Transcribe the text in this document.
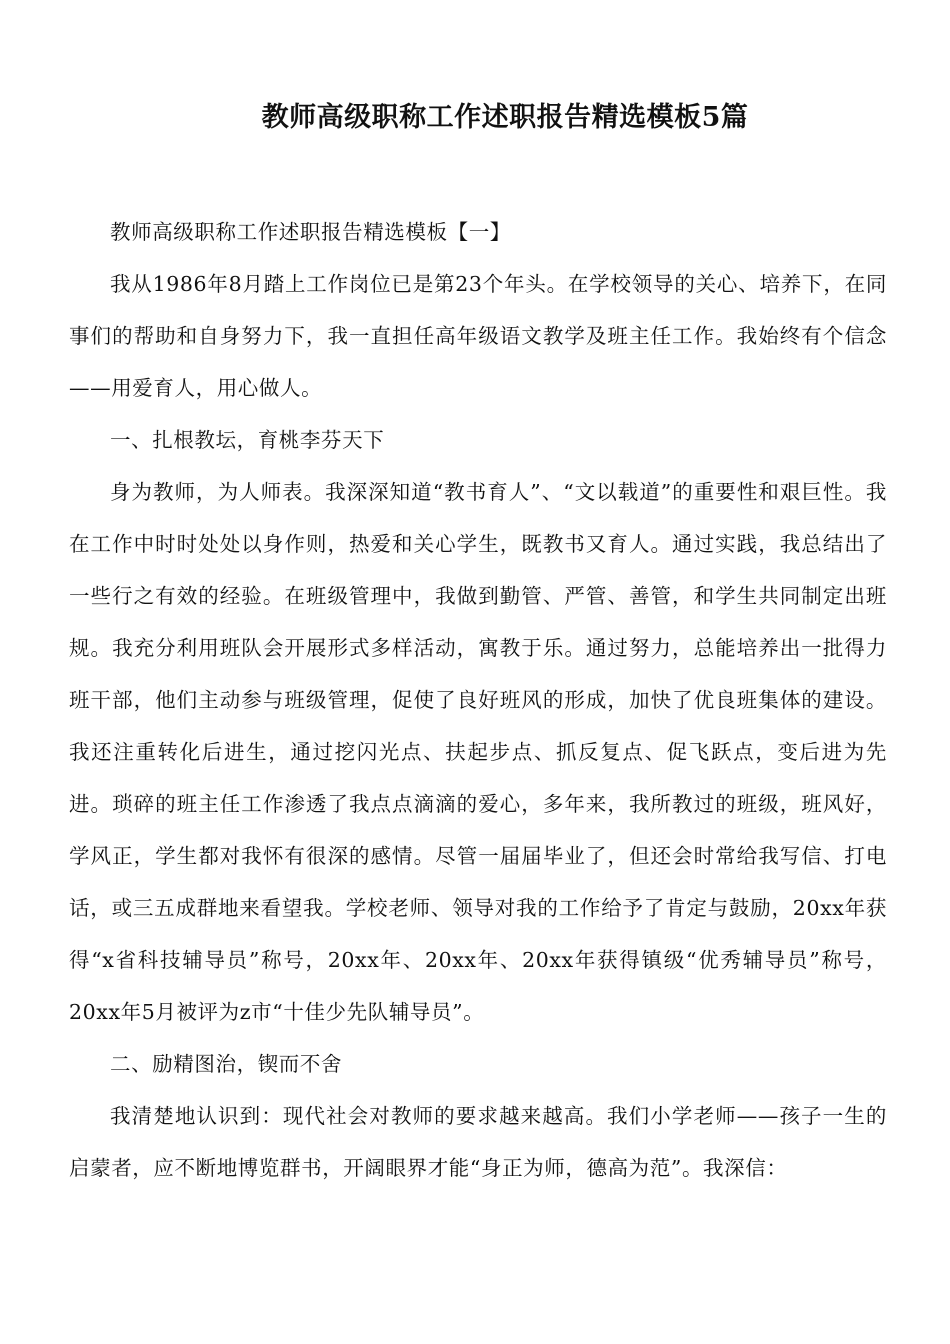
教师高级职称工作述职报告精选模板5篇

教师高级职称工作述职报告精选模板【一】

我从1986年8月踏上工作岗位已是第23个年头。在学校领导的关心、培养下，在同事们的帮助和自身努力下，我一直担任高年级语文教学及班主任工作。我始终有个信念——用爱育人，用心做人。

一、扎根教坛，育桃李芬天下

身为教师，为人师表。我深深知道“教书育人”、“文以载道”的重要性和艰巨性。我在工作中时时处处以身作则，热爱和关心学生，既教书又育人。通过实践，我总结出了一些行之有效的经验。在班级管理中，我做到勤管、严管、善管，和学生共同制定出班规。我充分利用班队会开展形式多样活动，寓教于乐。通过努力，总能培养出一批得力班干部，他们主动参与班级管理，促使了良好班风的形成，加快了优良班集体的建设。我还注重转化后进生，通过挖闪光点、扶起步点、抓反复点、促飞跃点，变后进为先进。琐碎的班主任工作渗透了我点点滴滴的爱心，多年来，我所教过的班级，班风好，学风正，学生都对我怀有很深的感情。尽管一届届毕业了，但还会时常给我写信、打电话，或三五成群地来看望我。学校老师、领导对我的工作给予了肯定与鼓励，20xx年获得“x省科技辅导员”称号，20xx年、20xx年、20xx年获得镇级“优秀辅导员”称号，20xx年5月被评为z市“十佳少先队辅导员”。

二、励精图治，锲而不舍

我清楚地认识到：现代社会对教师的要求越来越高。我们小学老师——孩子一生的启蒙者，应不断地博览群书，开阔眼界才能“身正为师，德高为范”。我深信：
